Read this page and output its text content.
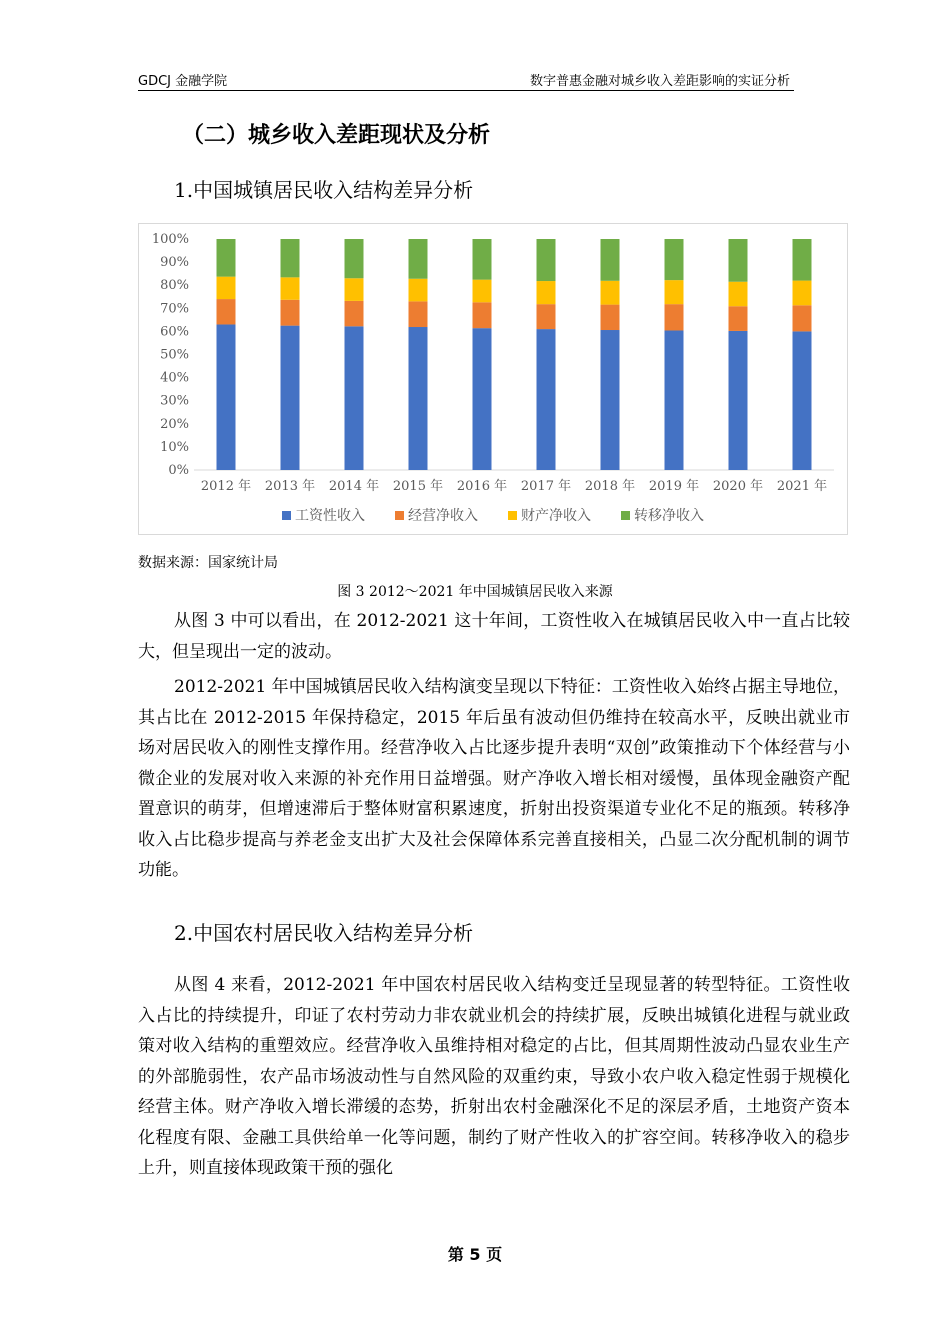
GDCJ 金融学院	数字普惠金融对城乡收入差距影响的实证分析
（二）城乡收入差距现状及分析
1.中国城镇居民收入结构差异分析
0%
10%
20%
30%
40%
50%
60%
70%
80%
90%
100%
2012 年 2013 年 2014 年 2015 年 2016 年 2017 年 2018 年 2019 年 2020 年 2021 年
工资性收入	经营净收入	财产净收入	转移净收入
数据来源：国家统计局
图 3 2012～2021 年中国城镇居民收入来源
从图 3 中可以看出，在 2012-2021 这十年间，工资性收入在城镇居民收入中一直占比较大，但呈现出一定的波动。
2012-2021 年中国城镇居民收入结构演变呈现以下特征：工资性收入始终占据主导地位，其占比在 2012-2015 年保持稳定，2015 年后虽有波动但仍维持在较高水平，反映出就业市场对居民收入的刚性支撑作用。经营净收入占比逐步提升表明“双创”政策推动下个体经营与小微企业的发展对收入来源的补充作用日益增强。财产净收入增长相对缓慢，虽体现金融资产配置意识的萌芽，但增速滞后于整体财富积累速度，折射出投资渠道专业化不足的瓶颈。转移净收入占比稳步提高与养老金支出扩大及社会保障体系完善直接相关，凸显二次分配机制的调节功能。
2.中国农村居民收入结构差异分析
从图 4 来看，2012-2021 年中国农村居民收入结构变迁呈现显著的转型特征。工资性收入占比的持续提升，印证了农村劳动力非农就业机会的持续扩展，反映出城镇化进程与就业政策对收入结构的重塑效应。经营净收入虽维持相对稳定的占比，但其周期性波动凸显农业生产的外部脆弱性，农产品市场波动性与自然风险的双重约束，导致小农户收入稳定性弱于规模化经营主体。财产净收入增长滞缓的态势，折射出农村金融深化不足的深层矛盾，土地资产资本化程度有限、金融工具供给单一化等问题，制约了财产性收入的扩容空间。转移净收入的稳步上升，则直接体现政策干预的强化
第 5 页
